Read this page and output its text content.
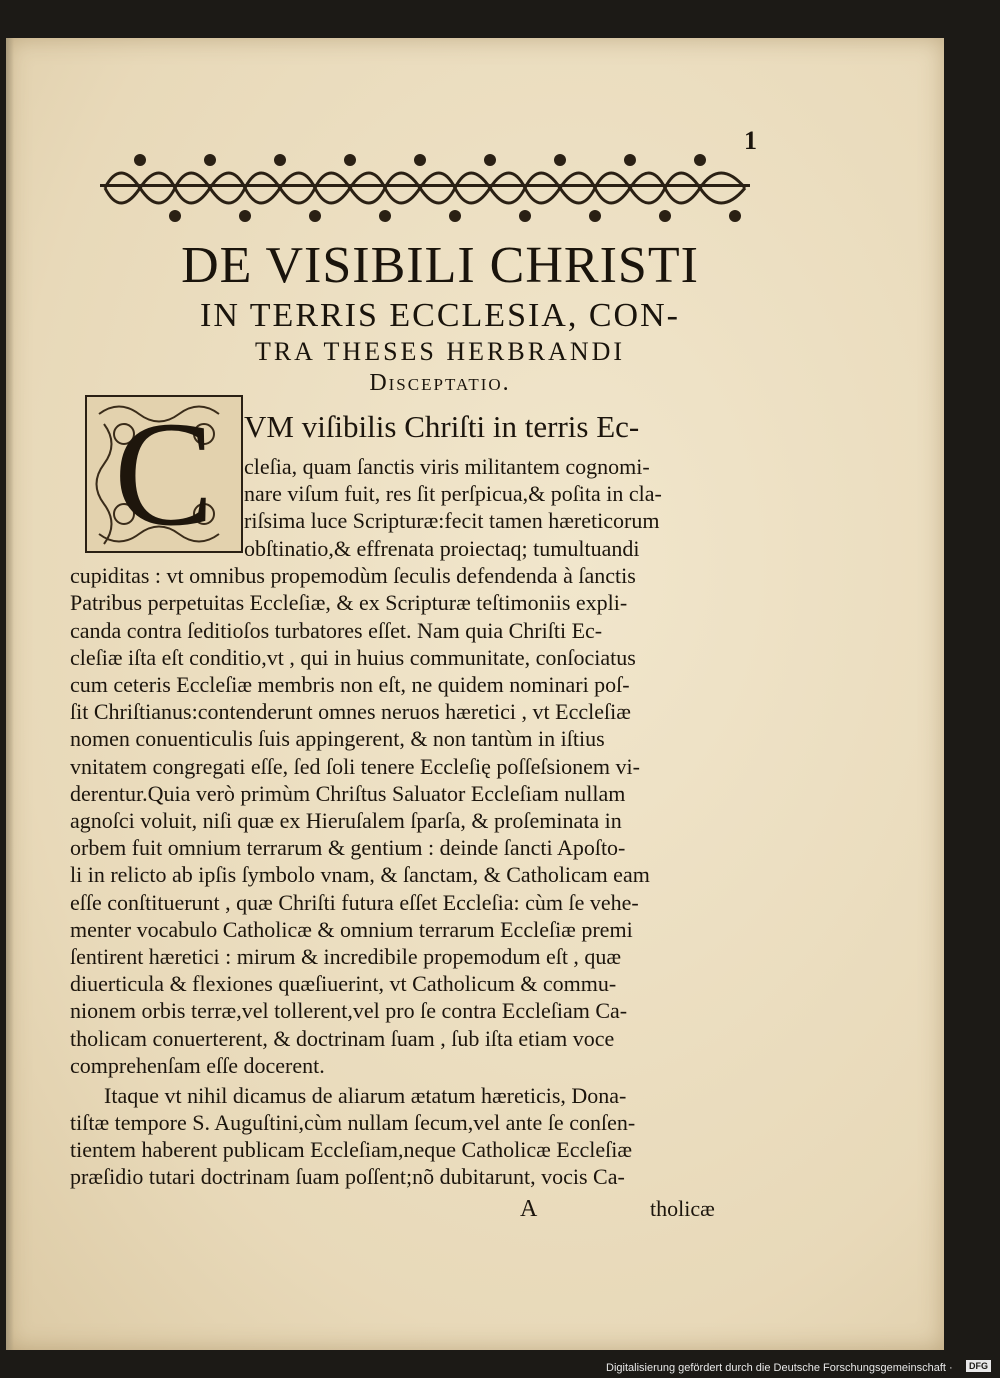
1
DE VISIBILI CHRISTI
IN TERRIS ECCLESIA, CON-
TRA THESES HERBRANDI
Disceptatio.
C VM viſibilis Chriſti in terris Ec-
cleſia, quam ſanctis viris militantem cognomi-
nare viſum fuit, res ſit perſpicua,& poſita in cla-
riſsima luce Scripturæ:fecit tamen hæreticorum
obſtinatio,& effrenata proiectaq; tumultuandi
cupiditas : vt omnibus propemodùm ſeculis defendenda à ſanctis
Patribus perpetuitas Eccleſiæ, & ex Scripturæ teſtimoniis expli-
canda contra ſeditioſos turbatores eſſet. Nam quia Chriſti Ec-
cleſiæ iſta eſt conditio,vt , qui in huius communitate, conſociatus
cum ceteris Eccleſiæ membris non eſt, ne quidem nominari poſ-
ſit Chriſtianus:contenderunt omnes neruos hæretici , vt Eccleſiæ
nomen conuenticulis ſuis appingerent, & non tantùm in iſtius
vnitatem congregati eſſe, ſed ſoli tenere Eccleſię poſſeſsionem vi-
derentur.Quia verò primùm Chriſtus Saluator Eccleſiam nullam
agnoſci voluit, niſi quæ ex Hieruſalem ſparſa, & proſeminata in
orbem fuit omnium terrarum & gentium : deinde ſancti Apoſto-
li in relicto ab ipſis ſymbolo vnam, & ſanctam, & Catholicam eam
eſſe conſtituerunt , quæ Chriſti futura eſſet Eccleſia: cùm ſe vehe-
menter vocabulo Catholicæ & omnium terrarum Eccleſiæ premi
ſentirent hæretici : mirum & incredibile propemodum eſt , quæ
diuerticula & flexiones quæſiuerint, vt Catholicum & commu-
nionem orbis terræ,vel tollerent,vel pro ſe contra Eccleſiam Ca-
tholicam conuerterent, & doctrinam ſuam , ſub iſta etiam voce
comprehenſam eſſe docerent.
Itaque vt nihil dicamus de aliarum ætatum hæreticis, Dona-
tiſtæ tempore S. Auguſtini,cùm nullam ſecum,vel ante ſe conſen-
tientem haberent publicam Eccleſiam,neque Catholicæ Eccleſiæ
præſidio tutari doctrinam ſuam poſſent;nõ dubitarunt, vocis Ca-
A	tholicæ
Digitalisierung gefördert durch die Deutsche Forschungsgemeinschaft ·	DFG
